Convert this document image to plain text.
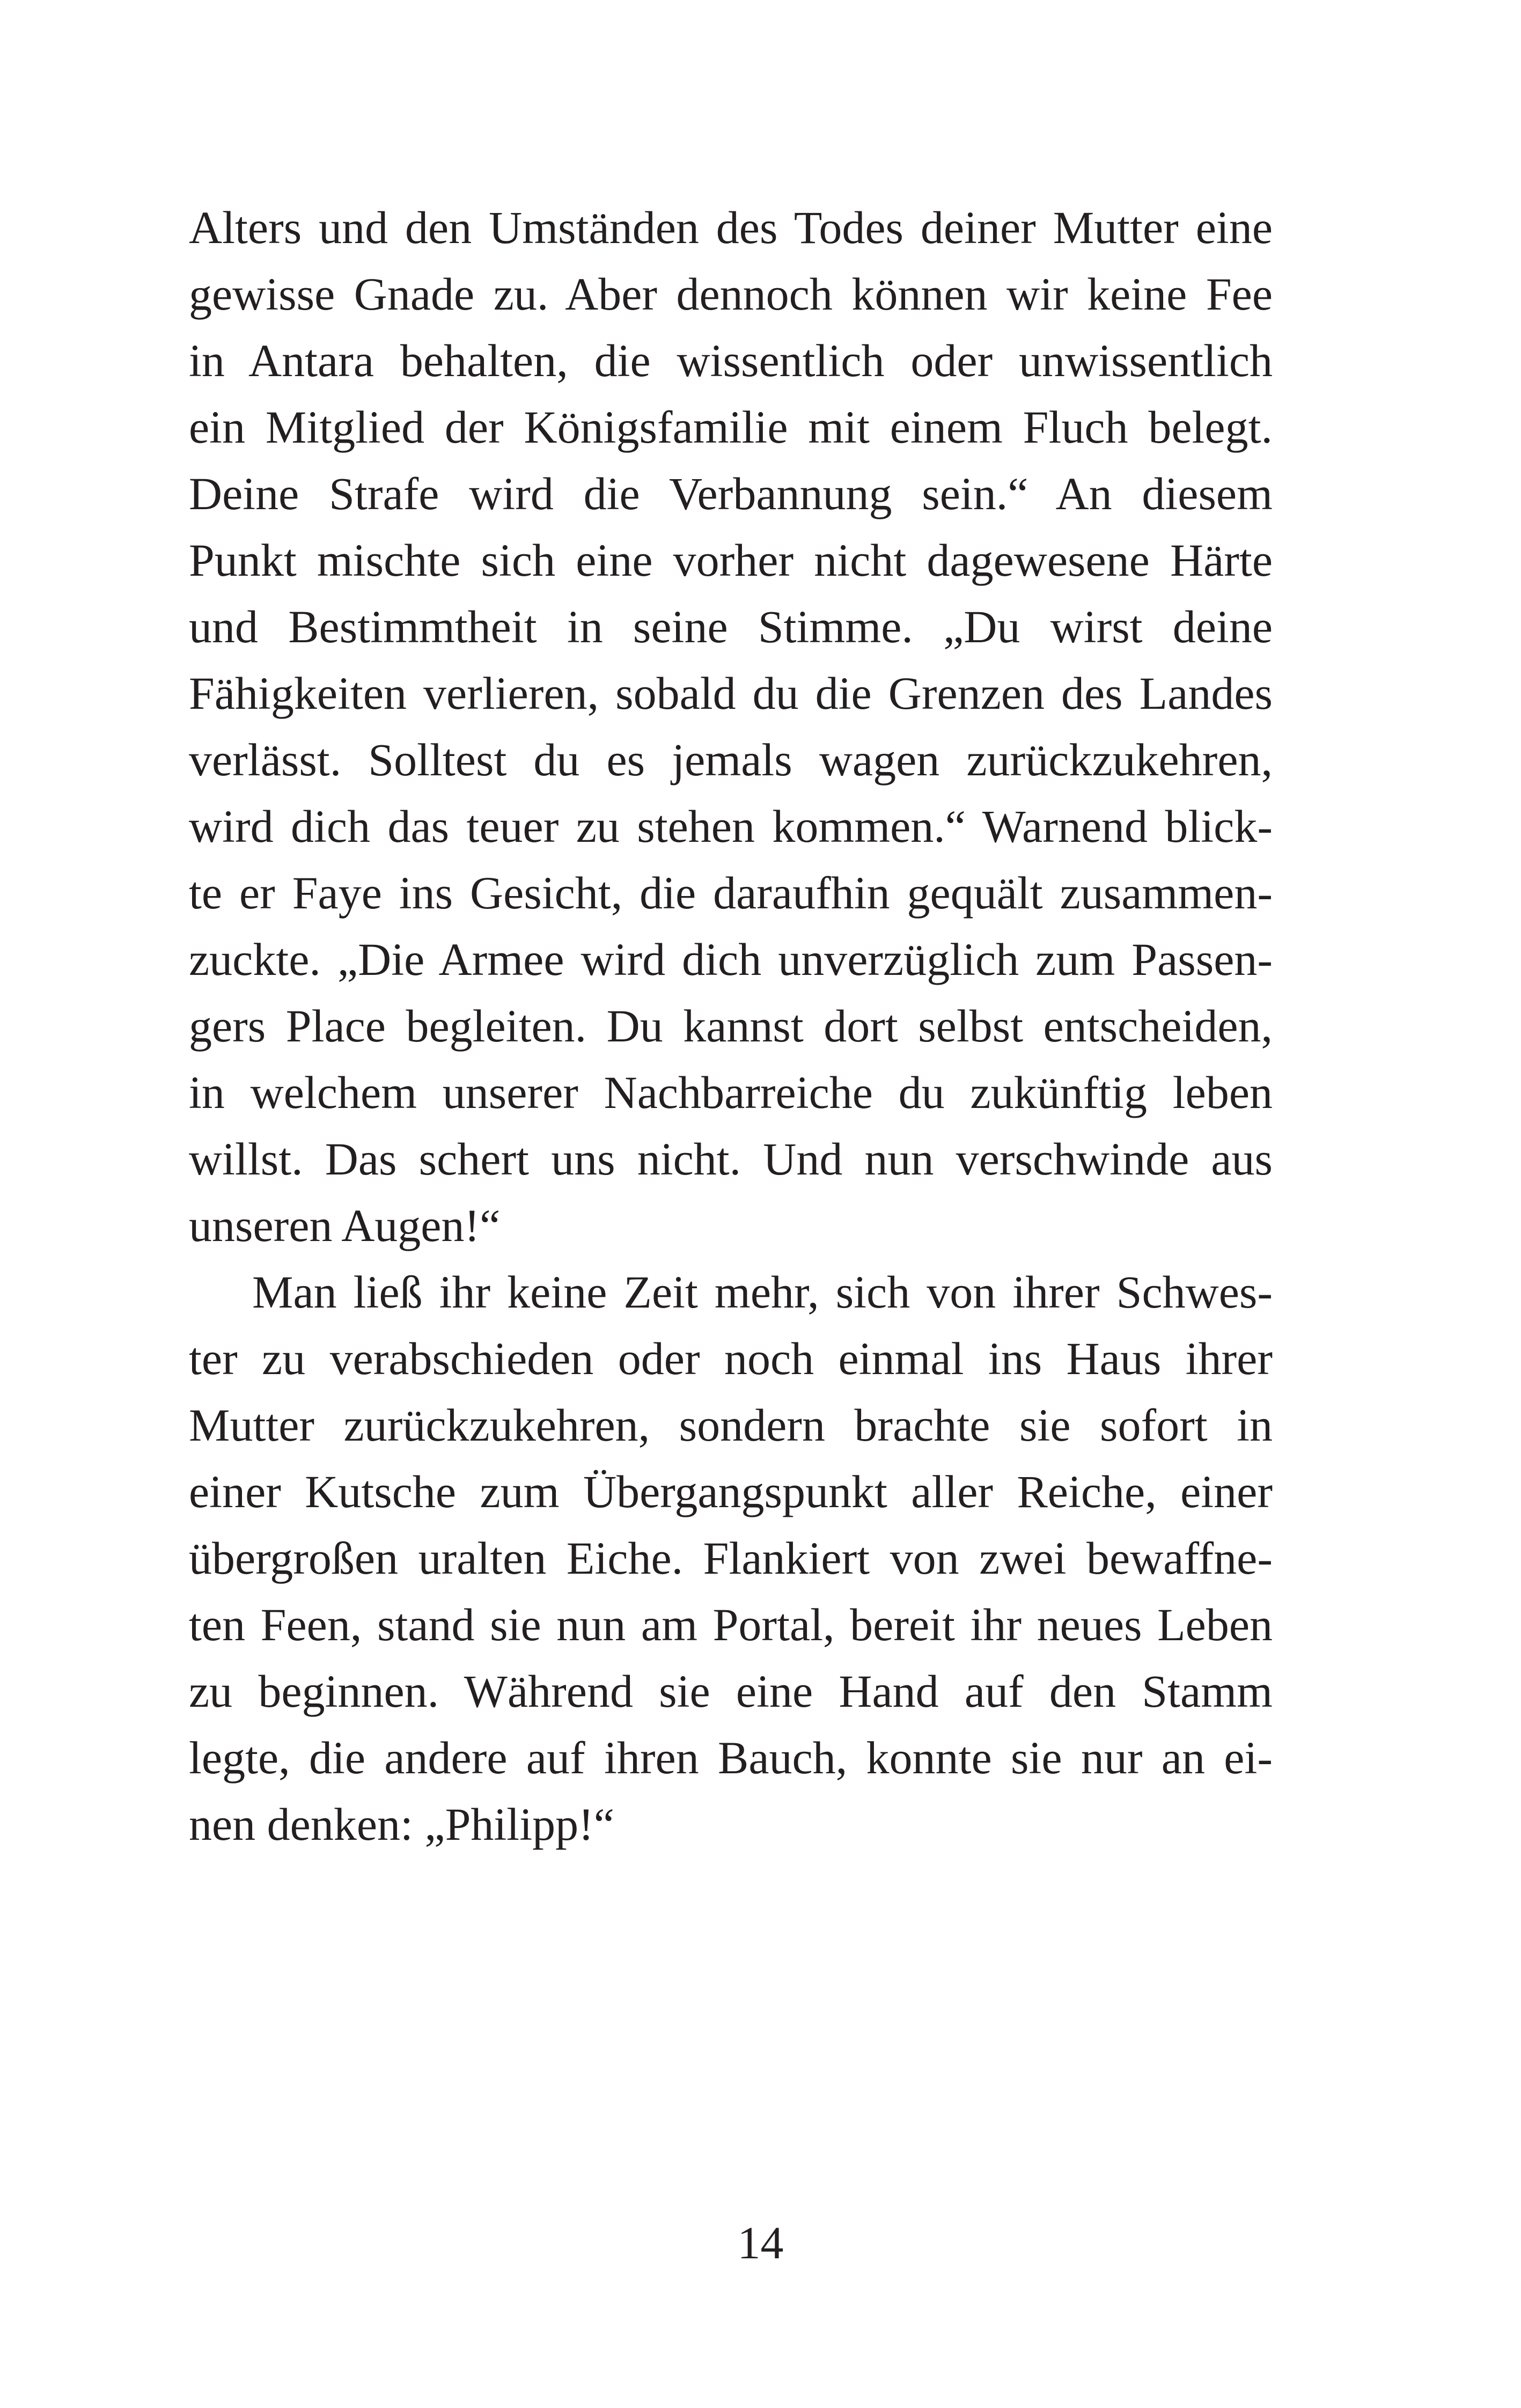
Alters und den Umständen des Todes deiner Mutter eine
gewisse Gnade zu. Aber dennoch können wir keine Fee
in Antara behalten, die wissentlich oder unwissentlich
ein Mitglied der Königsfamilie mit einem Fluch belegt.
Deine Strafe wird die Verbannung sein.“ An diesem
Punkt mischte sich eine vorher nicht dagewesene Härte
und Bestimmtheit in seine Stimme. „Du wirst deine
Fähigkeiten verlieren, sobald du die Grenzen des Landes
verlässt. Solltest du es jemals wagen zurückzukehren,
wird dich das teuer zu stehen kommen.“ Warnend blick-
te er Faye ins Gesicht, die daraufhin gequält zusammen-
zuckte. „Die Armee wird dich unverzüglich zum Passen-
gers Place begleiten. Du kannst dort selbst entscheiden,
in welchem unserer Nachbarreiche du zukünftig leben
willst. Das schert uns nicht. Und nun verschwinde aus
unseren Augen!“
Man ließ ihr keine Zeit mehr, sich von ihrer Schwes-
ter zu verabschieden oder noch einmal ins Haus ihrer
Mutter zurückzukehren, sondern brachte sie sofort in
einer Kutsche zum Übergangspunkt aller Reiche, einer
übergroßen uralten Eiche. Flankiert von zwei bewaffne-
ten Feen, stand sie nun am Portal, bereit ihr neues Leben
zu beginnen. Während sie eine Hand auf den Stamm
legte, die andere auf ihren Bauch, konnte sie nur an ei-
nen denken: „Philipp!“
14
